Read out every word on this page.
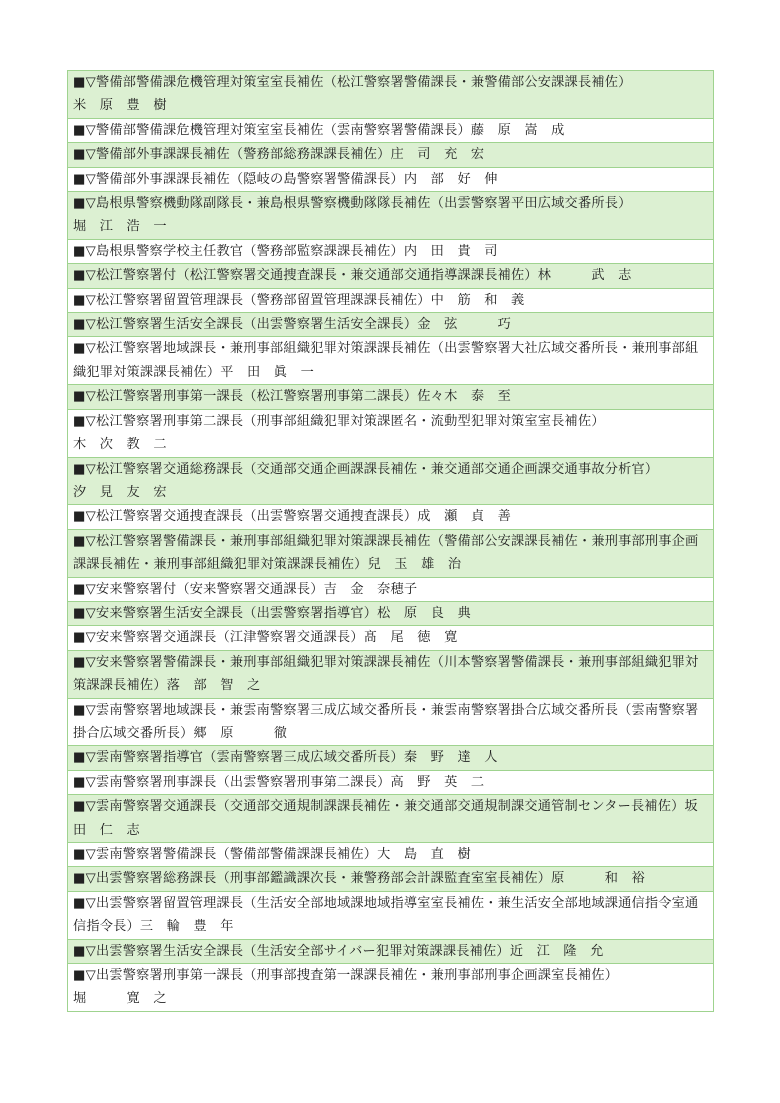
■▽警備部警備課危機管理対策室室長補佐（松江警察署警備課長・兼警備部公安課課長補佐）
米　原　豊　樹
■▽警備部警備課危機管理対策室室長補佐（雲南警察署警備課長）藤　原　嵩　成
■▽警備部外事課課長補佐（警務部総務課課長補佐）庄　司　充　宏
■▽警備部外事課課長補佐（隠岐の島警察署警備課長）内　部　好　伸
■▽島根県警察機動隊副隊長・兼島根県警察機動隊隊長補佐（出雲警察署平田広域交番所長）
堀　江　浩　一
■▽島根県警察学校主任教官（警務部監察課課長補佐）内　田　貴　司
■▽松江警察署付（松江警察署交通捜査課長・兼交通部交通指導課課長補佐）林　　　武　志
■▽松江警察署留置管理課長（警務部留置管理課課長補佐）中　筋　和　義
■▽松江警察署生活安全課長（出雲警察署生活安全課長）金　弦　　　巧
■▽松江警察署地域課長・兼刑事部組織犯罪対策課課長補佐（出雲警察署大社広域交番所長・兼刑事部組織犯罪対策課課長補佐）平　田　眞　一
■▽松江警察署刑事第一課長（松江警察署刑事第二課長）佐々木　泰　至
■▽松江警察署刑事第二課長（刑事部組織犯罪対策課匿名・流動型犯罪対策室室長補佐）
木　次　教　二
■▽松江警察署交通総務課長（交通部交通企画課課長補佐・兼交通部交通企画課交通事故分析官）
汐　見　友　宏
■▽松江警察署交通捜査課長（出雲警察署交通捜査課長）成　瀬　貞　善
■▽松江警察署警備課長・兼刑事部組織犯罪対策課課長補佐（警備部公安課課長補佐・兼刑事部刑事企画課課長補佐・兼刑事部組織犯罪対策課課長補佐）兒　玉　雄　治
■▽安来警察署付（安来警察署交通課長）吉　金　奈穂子
■▽安来警察署生活安全課長（出雲警察署指導官）松　原　良　典
■▽安来警察署交通課長（江津警察署交通課長）髙　尾　徳　寛
■▽安来警察署警備課長・兼刑事部組織犯罪対策課課長補佐（川本警察署警備課長・兼刑事部組織犯罪対策課課長補佐）落　部　智　之
■▽雲南警察署地域課長・兼雲南警察署三成広域交番所長・兼雲南警察署掛合広域交番所長（雲南警察署掛合広域交番所長）郷　原　　　徹
■▽雲南警察署指導官（雲南警察署三成広域交番所長）秦　野　達　人
■▽雲南警察署刑事課長（出雲警察署刑事第二課長）高　野　英　二
■▽雲南警察署交通課長（交通部交通規制課課長補佐・兼交通部交通規制課交通管制センター長補佐）坂　田　仁　志
■▽雲南警察署警備課長（警備部警備課課長補佐）大　島　直　樹
■▽出雲警察署総務課長（刑事部鑑識課次長・兼警務部会計課監査室室長補佐）原　　　和　裕
■▽出雲警察署留置管理課長（生活安全部地域課地域指導室室長補佐・兼生活安全部地域課通信指令室通信指令長）三　輪　豊　年
■▽出雲警察署生活安全課長（生活安全部サイバー犯罪対策課課長補佐）近　江　隆　允
■▽出雲警察署刑事第一課長（刑事部捜査第一課課長補佐・兼刑事部刑事企画課室長補佐）
堀　　　寛　之
